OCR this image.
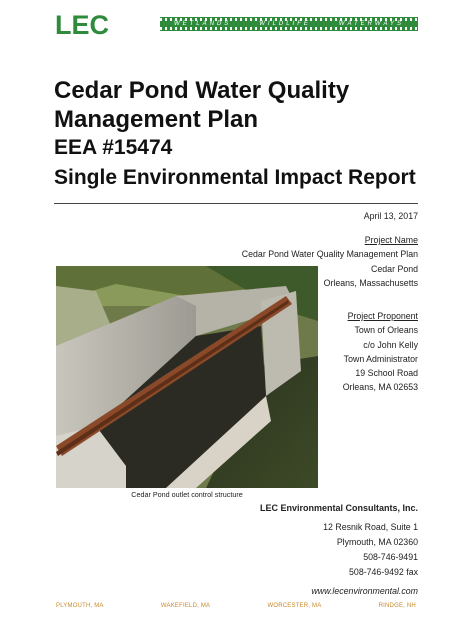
LEC	WETLANDS	WILDLIFE	WATERWAYS
Cedar Pond Water Quality
Management Plan
EEA #15474
Single Environmental Impact Report
April 13, 2017
Project Name
Cedar Pond Water Quality Management Plan
Cedar Pond
Orleans, Massachusetts
Project Proponent
Town of Orleans
c/o John Kelly
Town Administrator
19 School Road
Orleans, MA 02653
Cedar Pond outlet control structure
LEC Environmental Consultants, Inc.
12 Resnik Road, Suite 1
Plymouth, MA 02360
508-746-9491
508-746-9492 fax
www.lecenvironmental.com
PLYMOUTH, MA	WAKEFIELD, MA	WORCESTER, MA	RINDGE, NH
